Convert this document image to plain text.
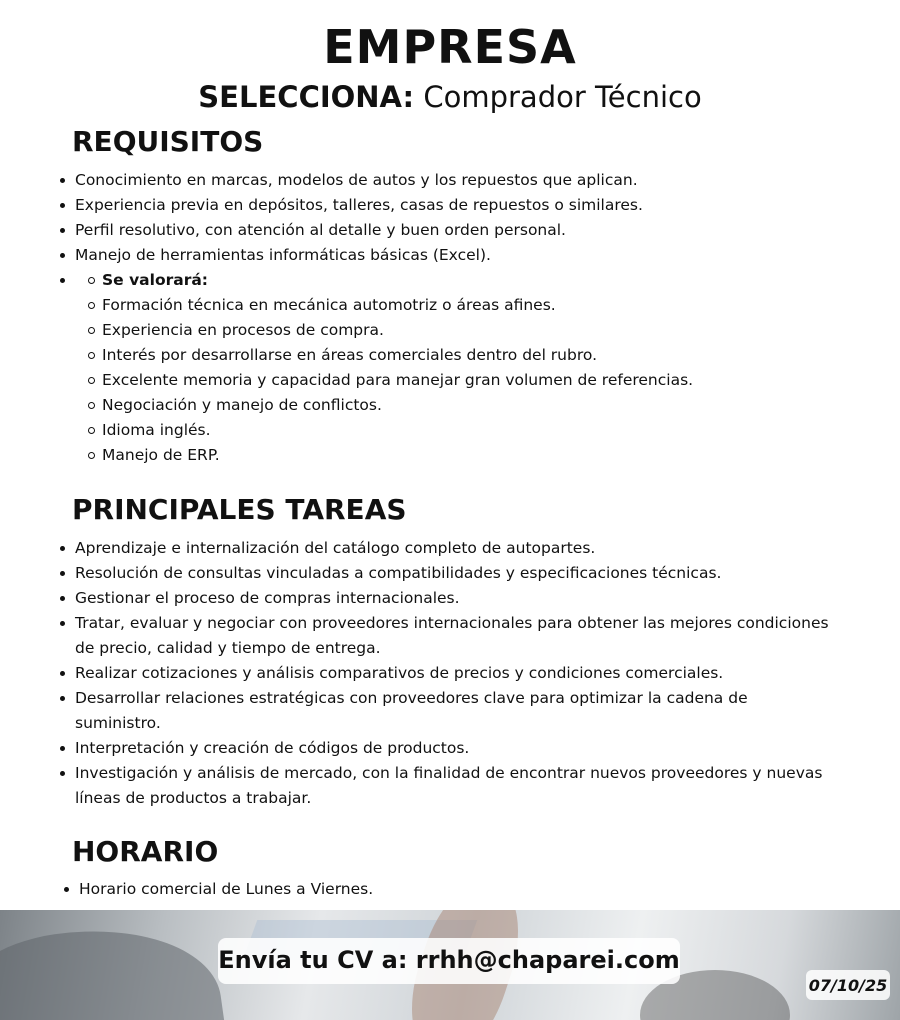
EMPRESA
SELECCIONA: Comprador Técnico
REQUISITOS
Conocimiento en marcas, modelos de autos y los repuestos que aplican.
Experiencia previa en depósitos, talleres, casas de repuestos o similares.
Perfil resolutivo, con atención al detalle y buen orden personal.
Manejo de herramientas informáticas básicas (Excel).
Se valorará:
Formación técnica en mecánica automotriz o áreas afines.
Experiencia en procesos de compra.
Interés por desarrollarse en áreas comerciales dentro del rubro.
Excelente memoria y capacidad para manejar gran volumen de referencias.
Negociación y manejo de conflictos.
Idioma inglés.
Manejo de ERP.
PRINCIPALES TAREAS
Aprendizaje e internalización del catálogo completo de autopartes.
Resolución de consultas vinculadas a compatibilidades y especificaciones técnicas.
Gestionar el proceso de compras internacionales.
Tratar, evaluar y negociar con proveedores internacionales para obtener las mejores condiciones de precio, calidad y tiempo de entrega.
Realizar cotizaciones y análisis comparativos de precios y condiciones comerciales.
Desarrollar relaciones estratégicas con proveedores clave para optimizar la cadena de suministro.
Interpretación y creación de códigos de productos.
Investigación y análisis de mercado, con la finalidad de encontrar nuevos proveedores y nuevas líneas de productos a trabajar.
HORARIO
Horario comercial de Lunes a Viernes.
Envía tu CV a: rrhh@chaparei.com
07/10/25
